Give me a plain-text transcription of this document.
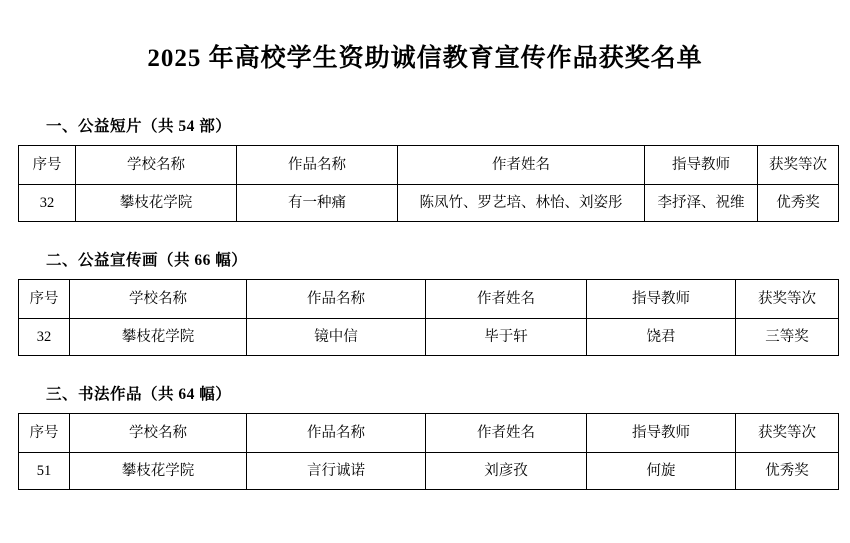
2025 年高校学生资助诚信教育宣传作品获奖名单
一、公益短片（共 54 部）
序号	学校名称	作品名称	作者姓名	指导教师	获奖等次
32	攀枝花学院	有一种痛	陈凤竹、罗艺培、林怡、刘姿彤	李抒泽、祝维	优秀奖
二、公益宣传画（共 66 幅）
序号	学校名称	作品名称	作者姓名	指导教师	获奖等次
32	攀枝花学院	镜中信	毕于轩	饶君	三等奖
三、书法作品（共 64 幅）
序号	学校名称	作品名称	作者姓名	指导教师	获奖等次
51	攀枝花学院	言行诚诺	刘彦孜	何旋	优秀奖
